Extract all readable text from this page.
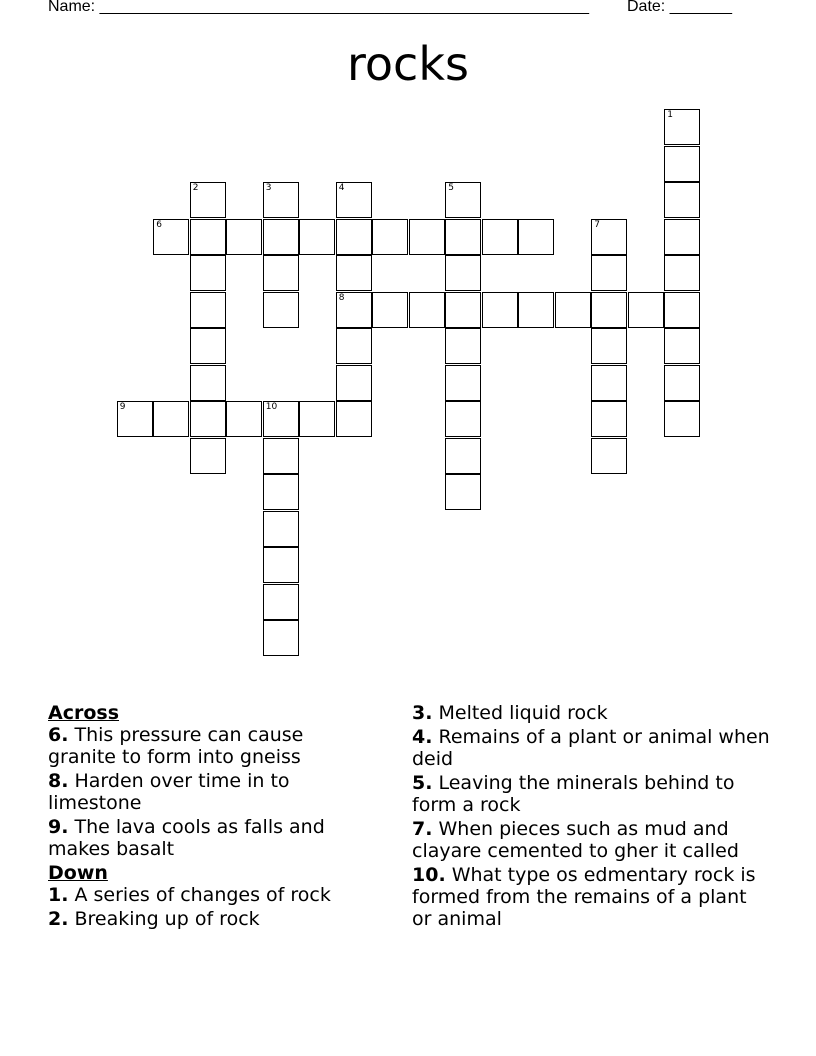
Name: _______________________________________________________ Date: _______
rocks
1
2	3	4	5
6	7
8
9	10
Across
6. This pressure can cause granite to form into gneiss
8. Harden over time in to limestone
9. The lava cools as falls and makes basalt
Down
1. A series of changes of rock
2. Breaking up of rock
3. Melted liquid rock
4. Remains of a plant or animal when deid
5. Leaving the minerals behind to form a rock
7. When pieces such as mud and clayare cemented to gher it called
10. What type os edmentary rock is formed from the remains of a plant or animal
